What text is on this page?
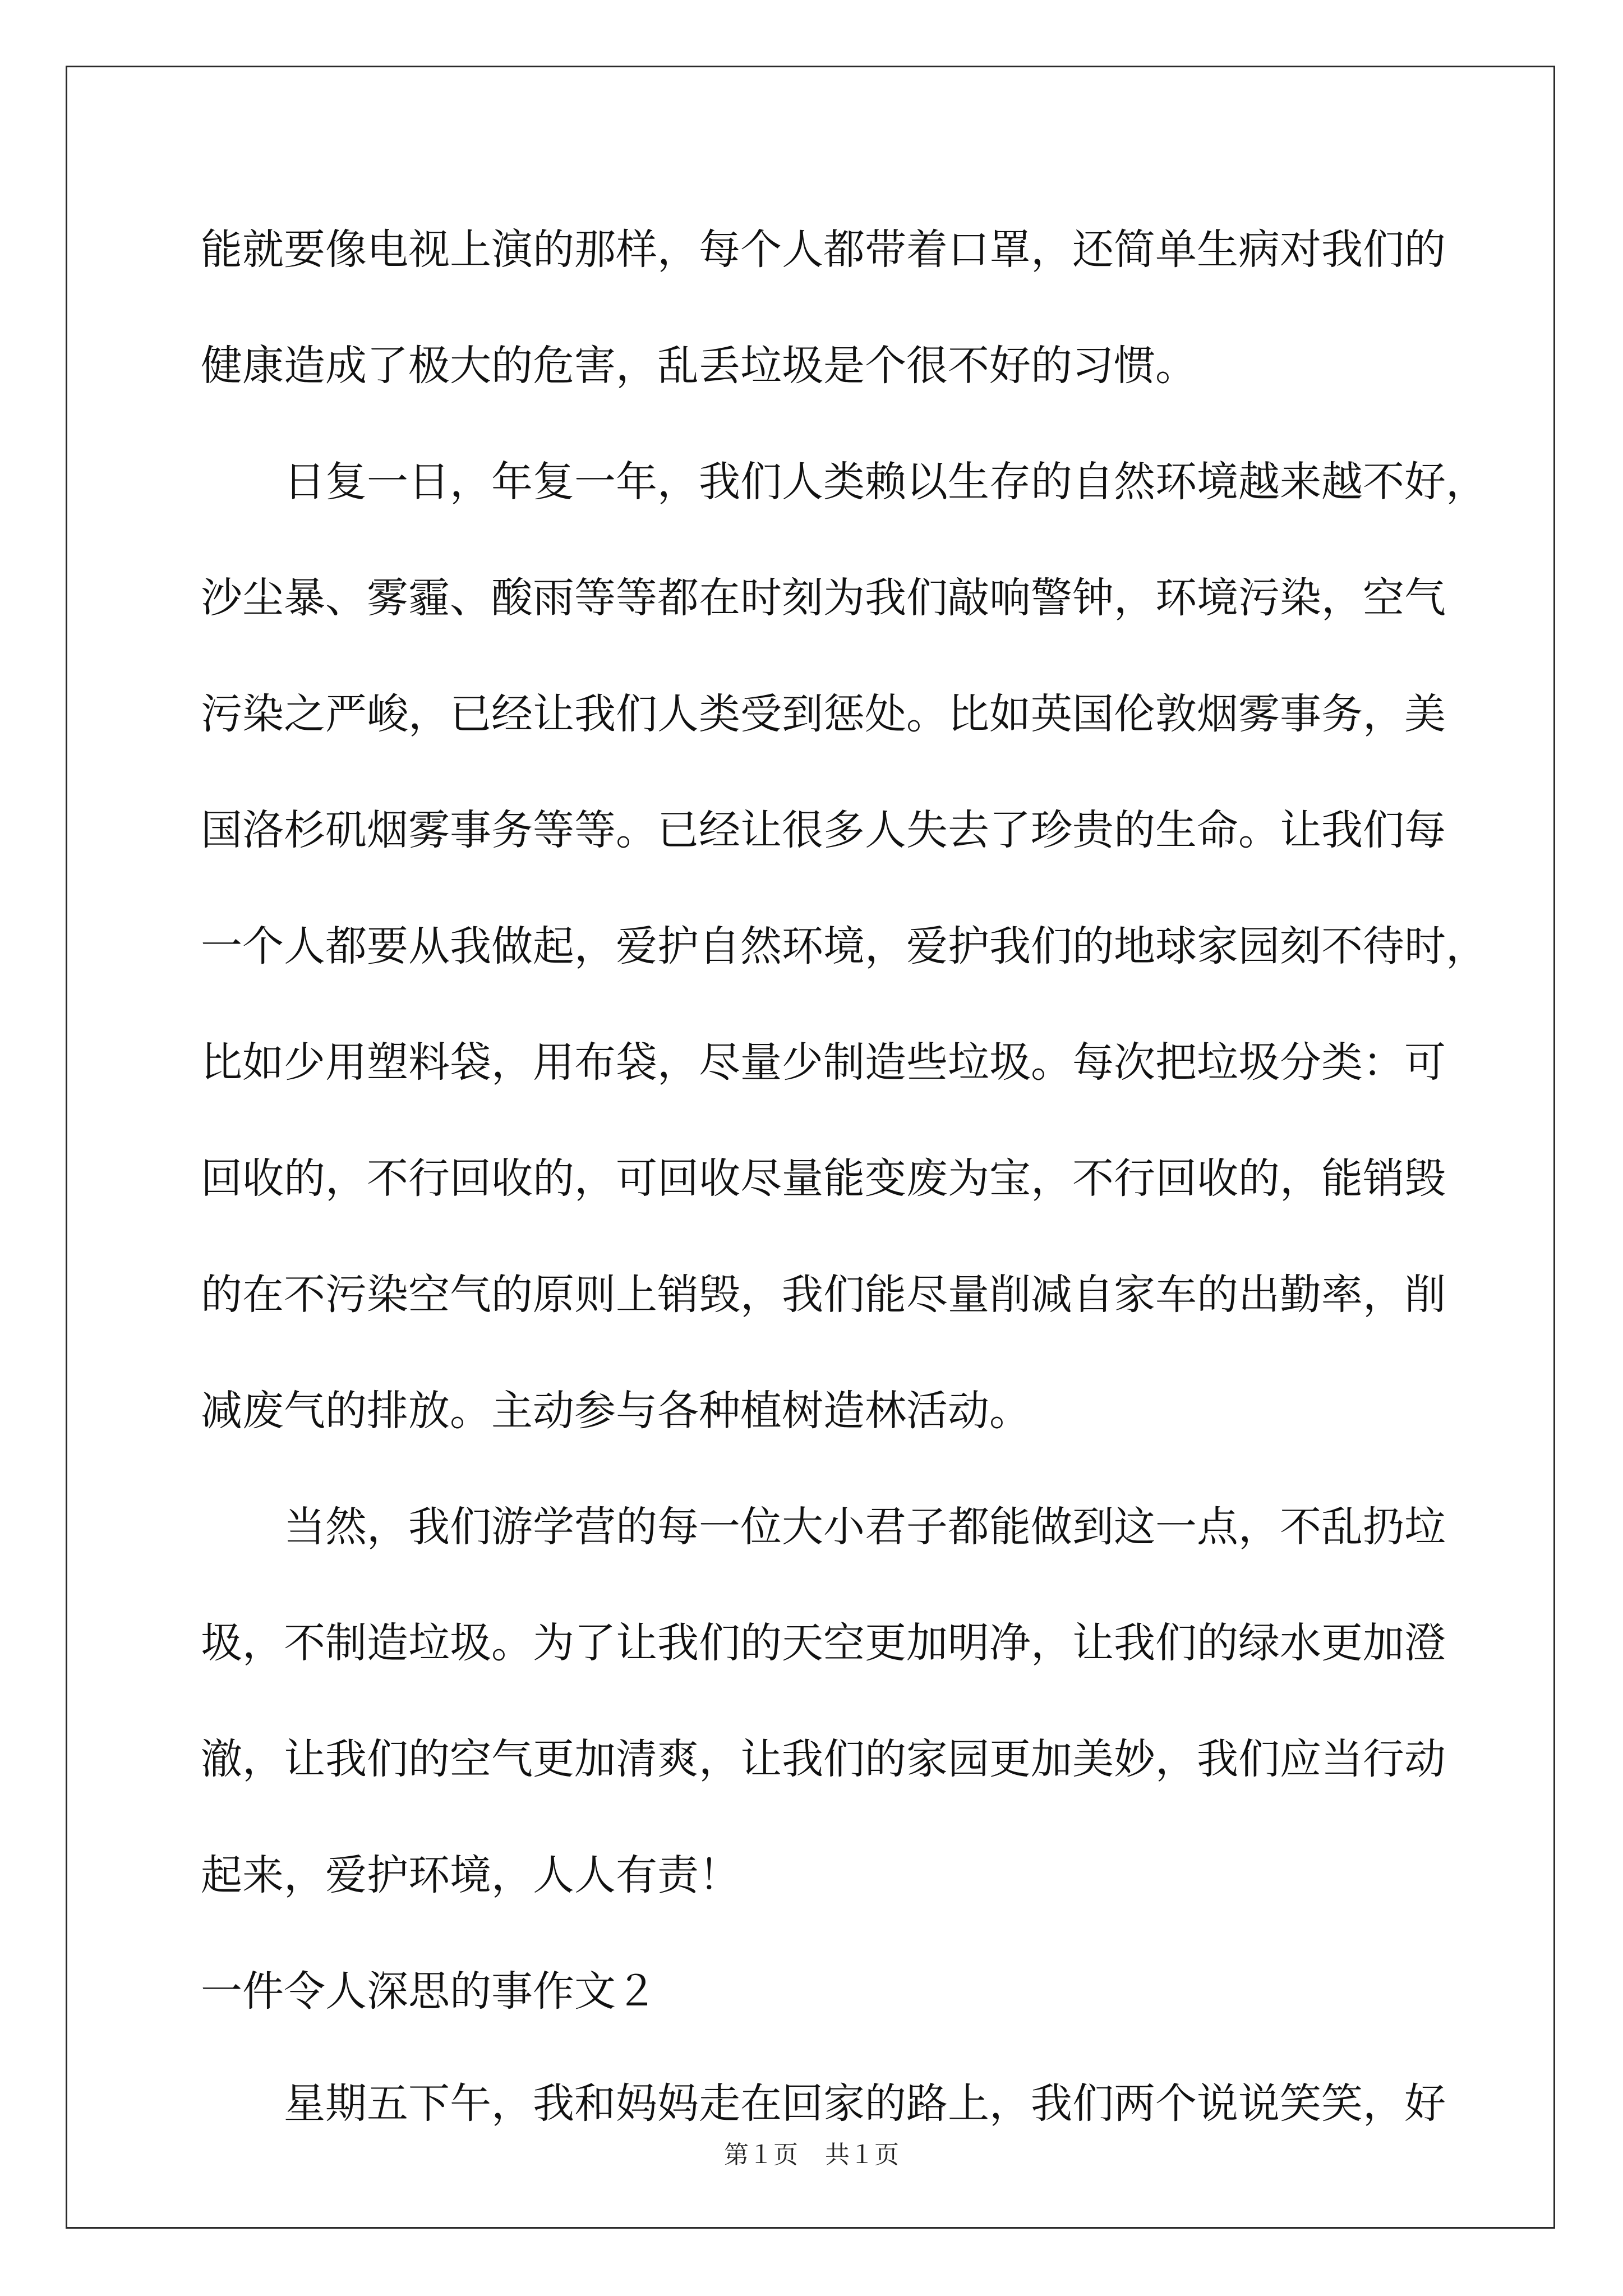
能就要像电视上演的那样，每个人都带着口罩，还简单生病对我们的
健康造成了极大的危害，乱丢垃圾是个很不好的习惯。
日复一日，年复一年，我们人类赖以生存的自然环境越来越不好，
沙尘暴、雾霾、酸雨等等都在时刻为我们敲响警钟，环境污染，空气
污染之严峻，已经让我们人类受到惩处。比如英国伦敦烟雾事务，美
国洛杉矶烟雾事务等等。已经让很多人失去了珍贵的生命。让我们每
一个人都要从我做起，爱护自然环境，爱护我们的地球家园刻不待时，
比如少用塑料袋，用布袋，尽量少制造些垃圾。每次把垃圾分类：可
回收的，不行回收的，可回收尽量能变废为宝，不行回收的，能销毁
的在不污染空气的原则上销毁，我们能尽量削减自家车的出勤率，削
减废气的排放。主动参与各种植树造林活动。
当然，我们游学营的每一位大小君子都能做到这一点，不乱扔垃
圾，不制造垃圾。为了让我们的天空更加明净，让我们的绿水更加澄
澈，让我们的空气更加清爽，让我们的家园更加美妙，我们应当行动
起来，爱护环境，人人有责！
一件令人深思的事作文２
星期五下午，我和妈妈走在回家的路上，我们两个说说笑笑，好
第１页 共１页
